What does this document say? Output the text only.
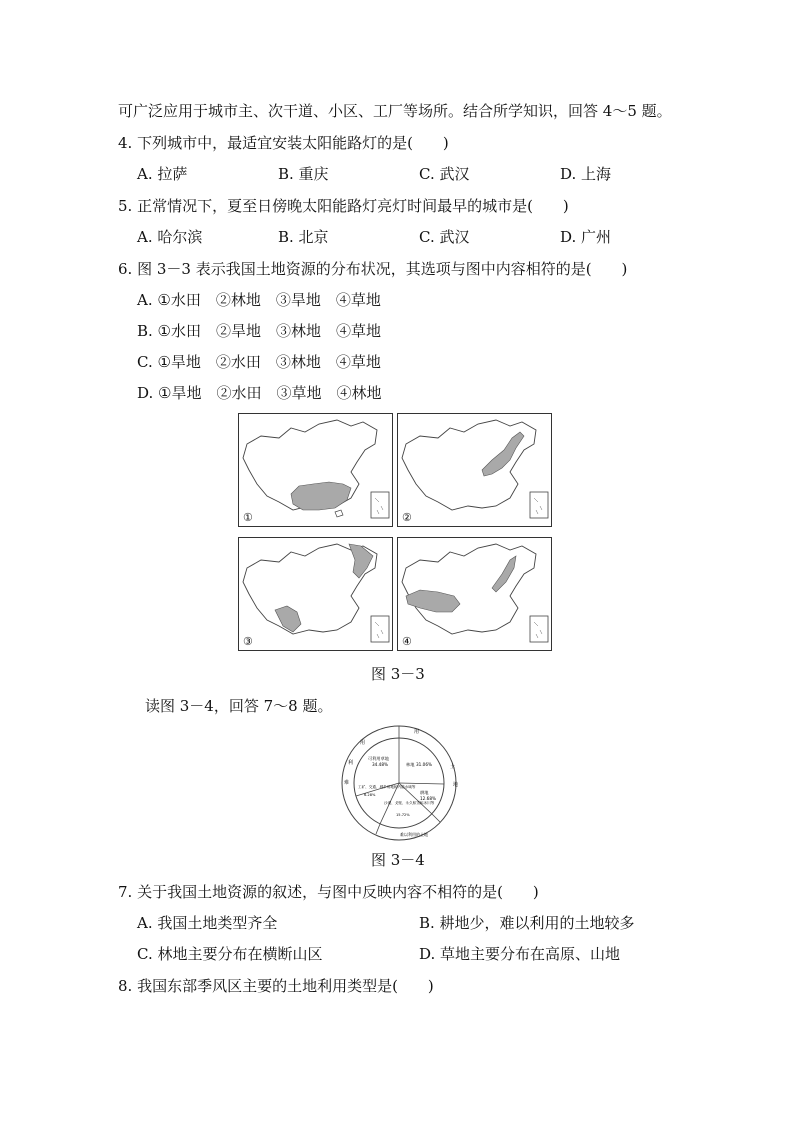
可广泛应用于城市主、次干道、小区、工厂等场所。结合所学知识，回答 4～5 题。
4. 下列城市中，最适宜安装太阳能路灯的是(　　)
A. 拉萨	B. 重庆	C. 武汉	D. 上海
5. 正常情况下，夏至日傍晚太阳能路灯亮灯时间最早的城市是(　　)
A. 哈尔滨	B. 北京	C. 武汉	D. 广州
6. 图 3－3 表示我国土地资源的分布状况，其选项与图中内容相符的是(　　)
A. ①水田　②林地　③旱地　④草地
B. ①水田　②旱地　③林地　④草地
C. ①旱地　②水田　③林地　④草地
D. ①旱地　②水田　③草地　④林地
①	②
③	④
图 3－3
读图 3－4，回答 7～8 题。
用
土
地
难
利
用
难以利用的土地
可利用草地
34.48%	林地 31.06%
耕地
12.68%
沙漠、戈壁、永久积雪和冰川等
15.72%
工矿、交通、城乡用地和内陆水域等
6.28%
图 3－4
7. 关于我国土地资源的叙述，与图中反映内容不相符的是(　　)
A. 我国土地类型齐全	B. 耕地少，难以利用的土地较多
C. 林地主要分布在横断山区	D. 草地主要分布在高原、山地
8. 我国东部季风区主要的土地利用类型是(　　)
